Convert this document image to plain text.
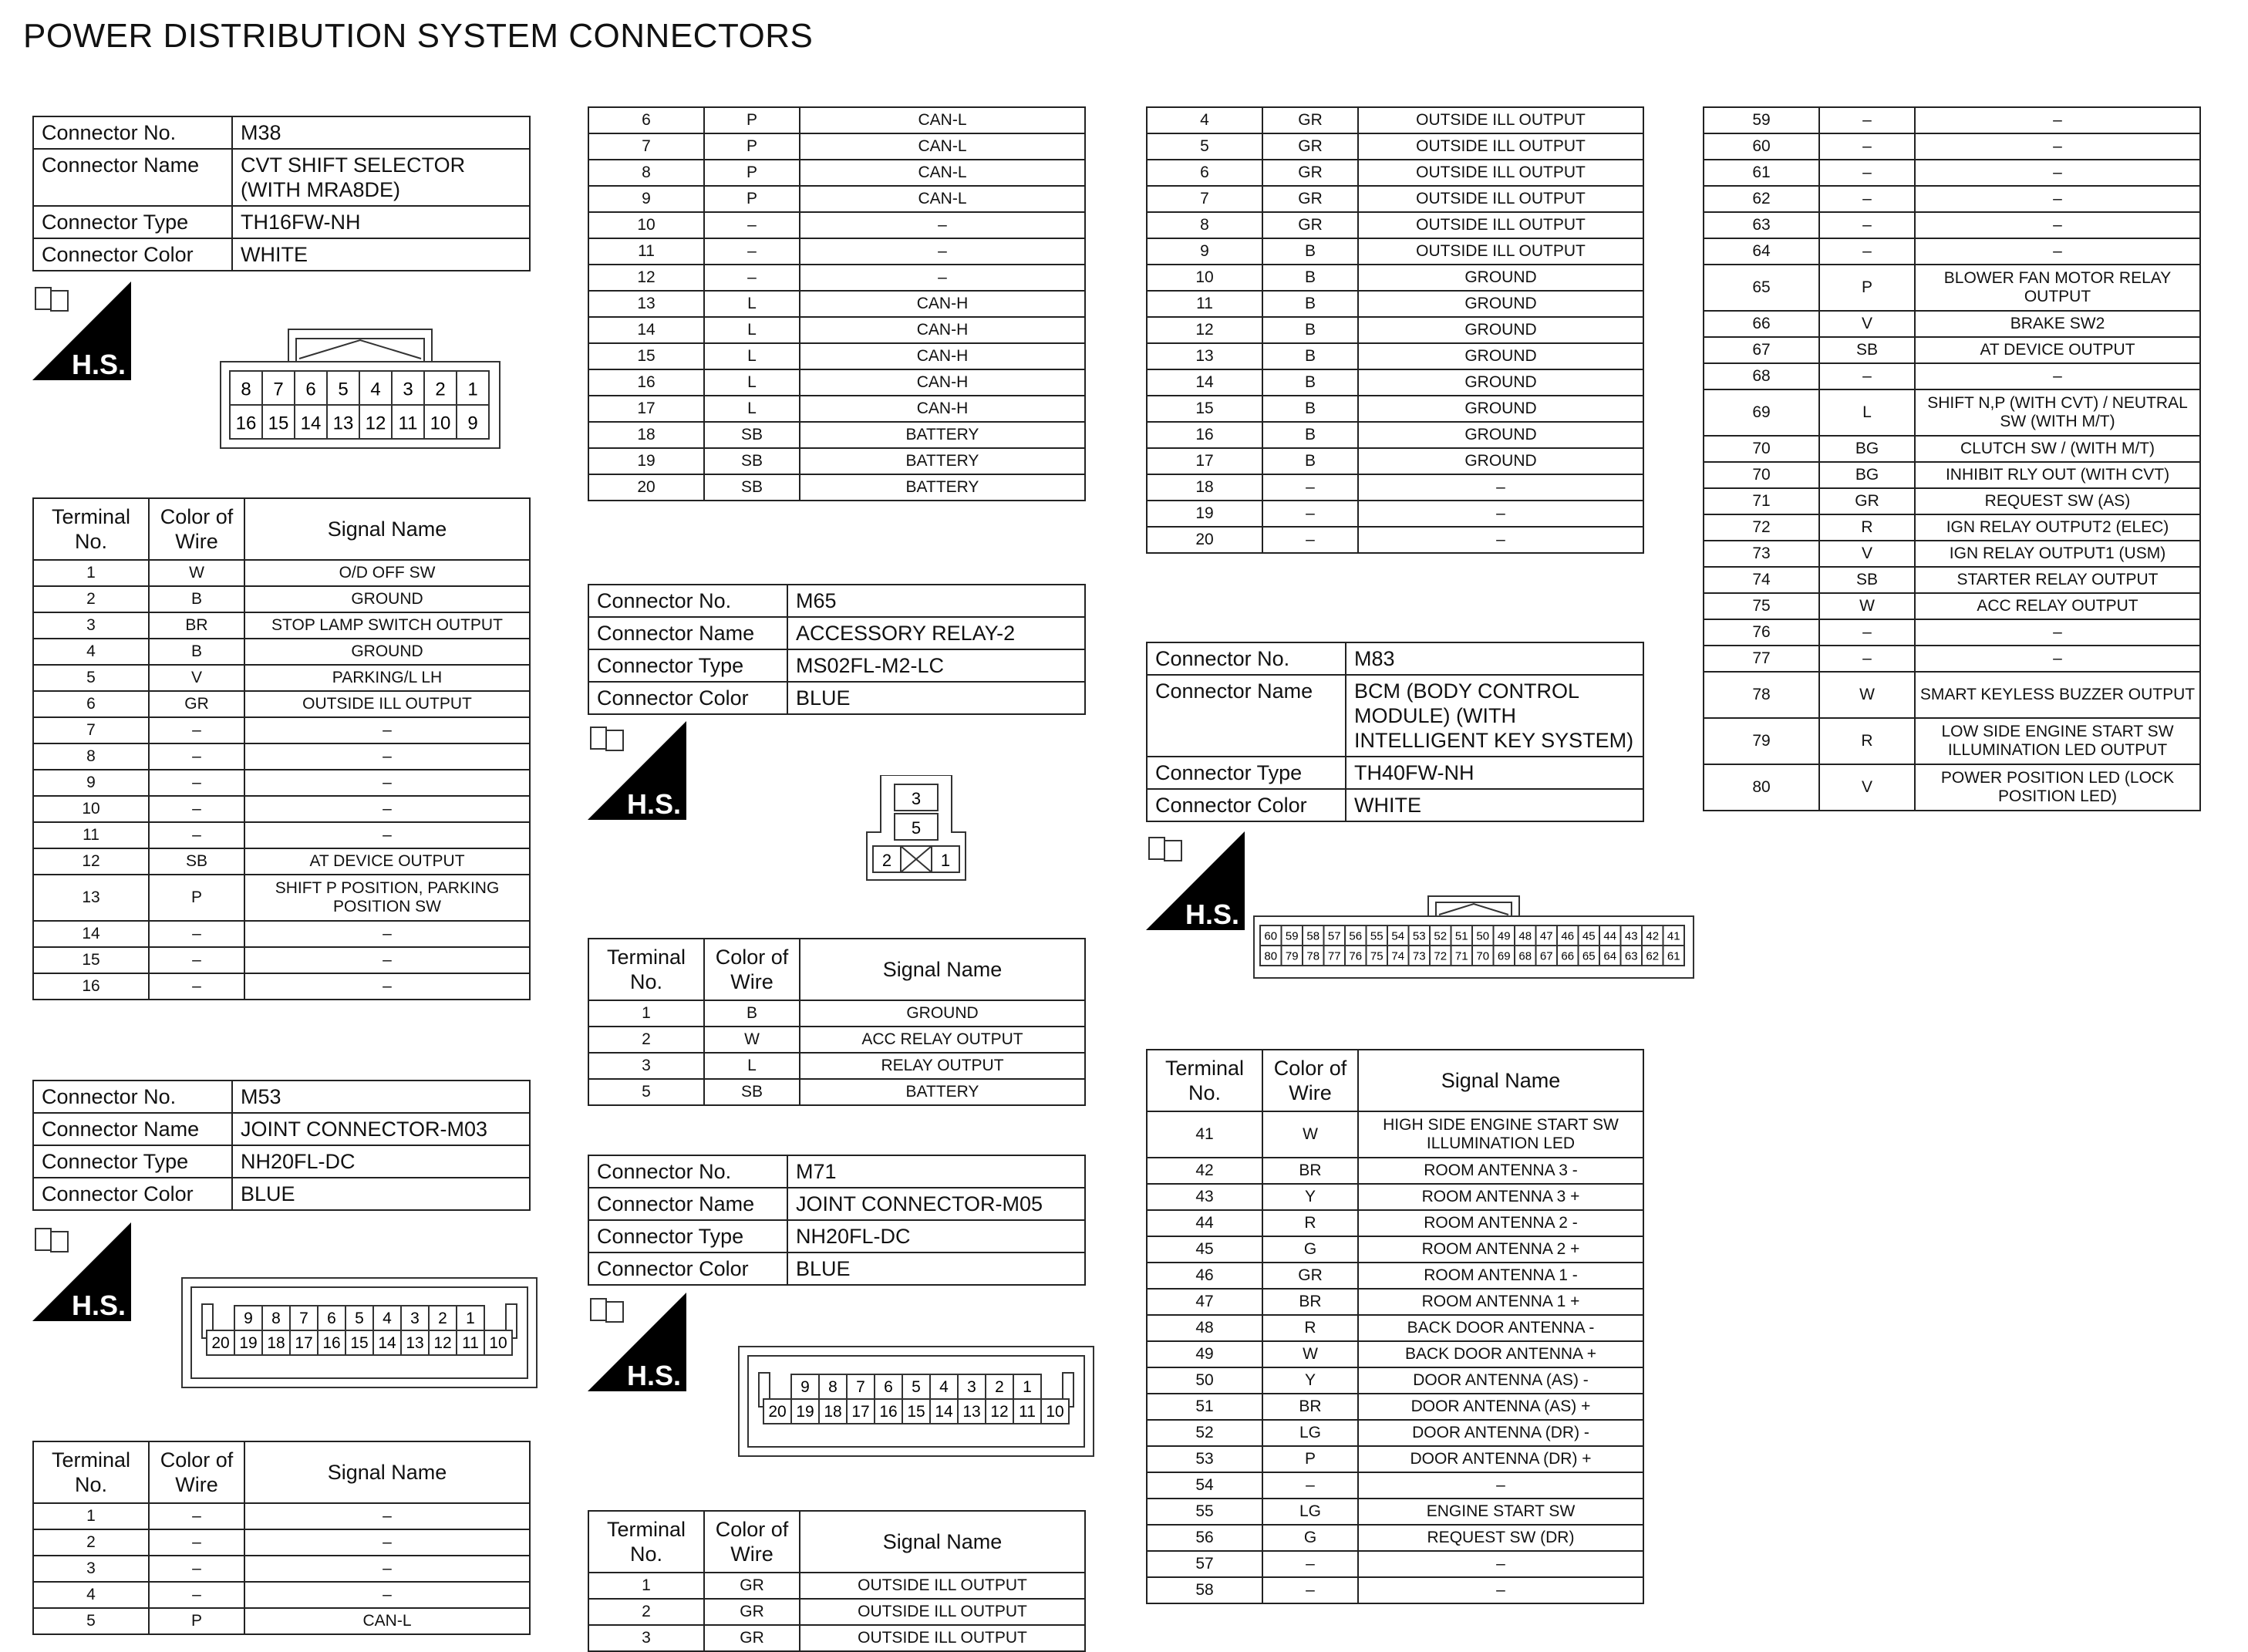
POWER DISTRIBUTION SYSTEM CONNECTORS
Connector No.	M38
Connector Name	CVT SHIFT SELECTOR (WITH MRA8DE)
Connector Type	TH16FW-NH
Connector Color	WHITE
H.S.
8 7 6 5 4 3 2 1
16 15 14 13 12 11 10 9
Terminal No.	Color of Wire	Signal Name
1	W	O/D OFF SW
2	B	GROUND
3	BR	STOP LAMP SWITCH OUTPUT
4	B	GROUND
5	V	PARKING/L LH
6	GR	OUTSIDE ILL OUTPUT
7	–	–
8	–	–
9	–	–
10	–	–
11	–	–
12	SB	AT DEVICE OUTPUT
13	P	SHIFT P POSITION, PARKING POSITION SW
14	–	–
15	–	–
16	–	–
Connector No.	M53
Connector Name	JOINT CONNECTOR-M03
Connector Type	NH20FL-DC
Connector Color	BLUE
H.S.	9 8 7 6 5 4 3 2 1
20 19 18 17 16 15 14 13 12 11 10
Terminal No.	Color of Wire	Signal Name
1	–	–
2	–	–
3	–	–
4	–	–
5	P	CAN-L
6	P	CAN-L
7	P	CAN-L
8	P	CAN-L
9	P	CAN-L
10	–	–
11	–	–
12	–	–
13	L	CAN-H
14	L	CAN-H
15	L	CAN-H
16	L	CAN-H
17	L	CAN-H
18	SB	BATTERY
19	SB	BATTERY
20	SB	BATTERY
Connector No.	M65
Connector Name	ACCESSORY RELAY-2
Connector Type	MS02FL-M2-LC
Connector Color	BLUE
H.S.	3
5
2	1
Terminal No.	Color of Wire	Signal Name
1	B	GROUND
2	W	ACC RELAY OUTPUT
3	L	RELAY OUTPUT
5	SB	BATTERY
Connector No.	M71
Connector Name	JOINT CONNECTOR-M05
Connector Type	NH20FL-DC
Connector Color	BLUE
H.S.	9 8 7 6 5 4 3 2 1
20 19 18 17 16 15 14 13 12 11 10
Terminal No.	Color of Wire	Signal Name
1	GR	OUTSIDE ILL OUTPUT
2	GR	OUTSIDE ILL OUTPUT
3	GR	OUTSIDE ILL OUTPUT
4	GR	OUTSIDE ILL OUTPUT
5	GR	OUTSIDE ILL OUTPUT
6	GR	OUTSIDE ILL OUTPUT
7	GR	OUTSIDE ILL OUTPUT
8	GR	OUTSIDE ILL OUTPUT
9	B	OUTSIDE ILL OUTPUT
10	B	GROUND
11	B	GROUND
12	B	GROUND
13	B	GROUND
14	B	GROUND
15	B	GROUND
16	B	GROUND
17	B	GROUND
18	–	–
19	–	–
20	–	–
Connector No.	M83
Connector Name	BCM (BODY CONTROL MODULE) (WITH INTELLIGENT KEY SYSTEM)
Connector Type	TH40FW-NH
Connector Color	WHITE
H.S.
60 59 58 57 56 55 54 53 52 51 50 49 48 47 46 45 44 43 42 41
80 79 78 77 76 75 74 73 72 71 70 69 68 67 66 65 64 63 62 61
Terminal No.	Color of Wire	Signal Name
41	W	HIGH SIDE ENGINE START SW ILLUMINATION LED
42	BR	ROOM ANTENNA 3 -
43	Y	ROOM ANTENNA 3 +
44	R	ROOM ANTENNA 2 -
45	G	ROOM ANTENNA 2 +
46	GR	ROOM ANTENNA 1 -
47	BR	ROOM ANTENNA 1 +
48	R	BACK DOOR ANTENNA -
49	W	BACK DOOR ANTENNA +
50	Y	DOOR ANTENNA (AS) -
51	BR	DOOR ANTENNA (AS) +
52	LG	DOOR ANTENNA (DR) -
53	P	DOOR ANTENNA (DR) +
54	–	–
55	LG	ENGINE START SW
56	G	REQUEST SW (DR)
57	–	–
58	–	–
59	–	–
60	–	–
61	–	–
62	–	–
63	–	–
64	–	–
65	P	BLOWER FAN MOTOR RELAY OUTPUT
66	V	BRAKE SW2
67	SB	AT DEVICE OUTPUT
68	–	–
69	L	SHIFT N,P (WITH CVT) / NEUTRAL SW (WITH M/T)
70	BG	CLUTCH SW / (WITH M/T)
70	BG	INHIBIT RLY OUT (WITH CVT)
71	GR	REQUEST SW (AS)
72	R	IGN RELAY OUTPUT2 (ELEC)
73	V	IGN RELAY OUTPUT1 (USM)
74	SB	STARTER RELAY OUTPUT
75	W	ACC RELAY OUTPUT
76	–	–
77	–	–
78	W	SMART KEYLESS BUZZER OUTPUT
79	R	LOW SIDE ENGINE START SW ILLUMINATION LED OUTPUT
80	V	POWER POSITION LED (LOCK POSITION LED)
